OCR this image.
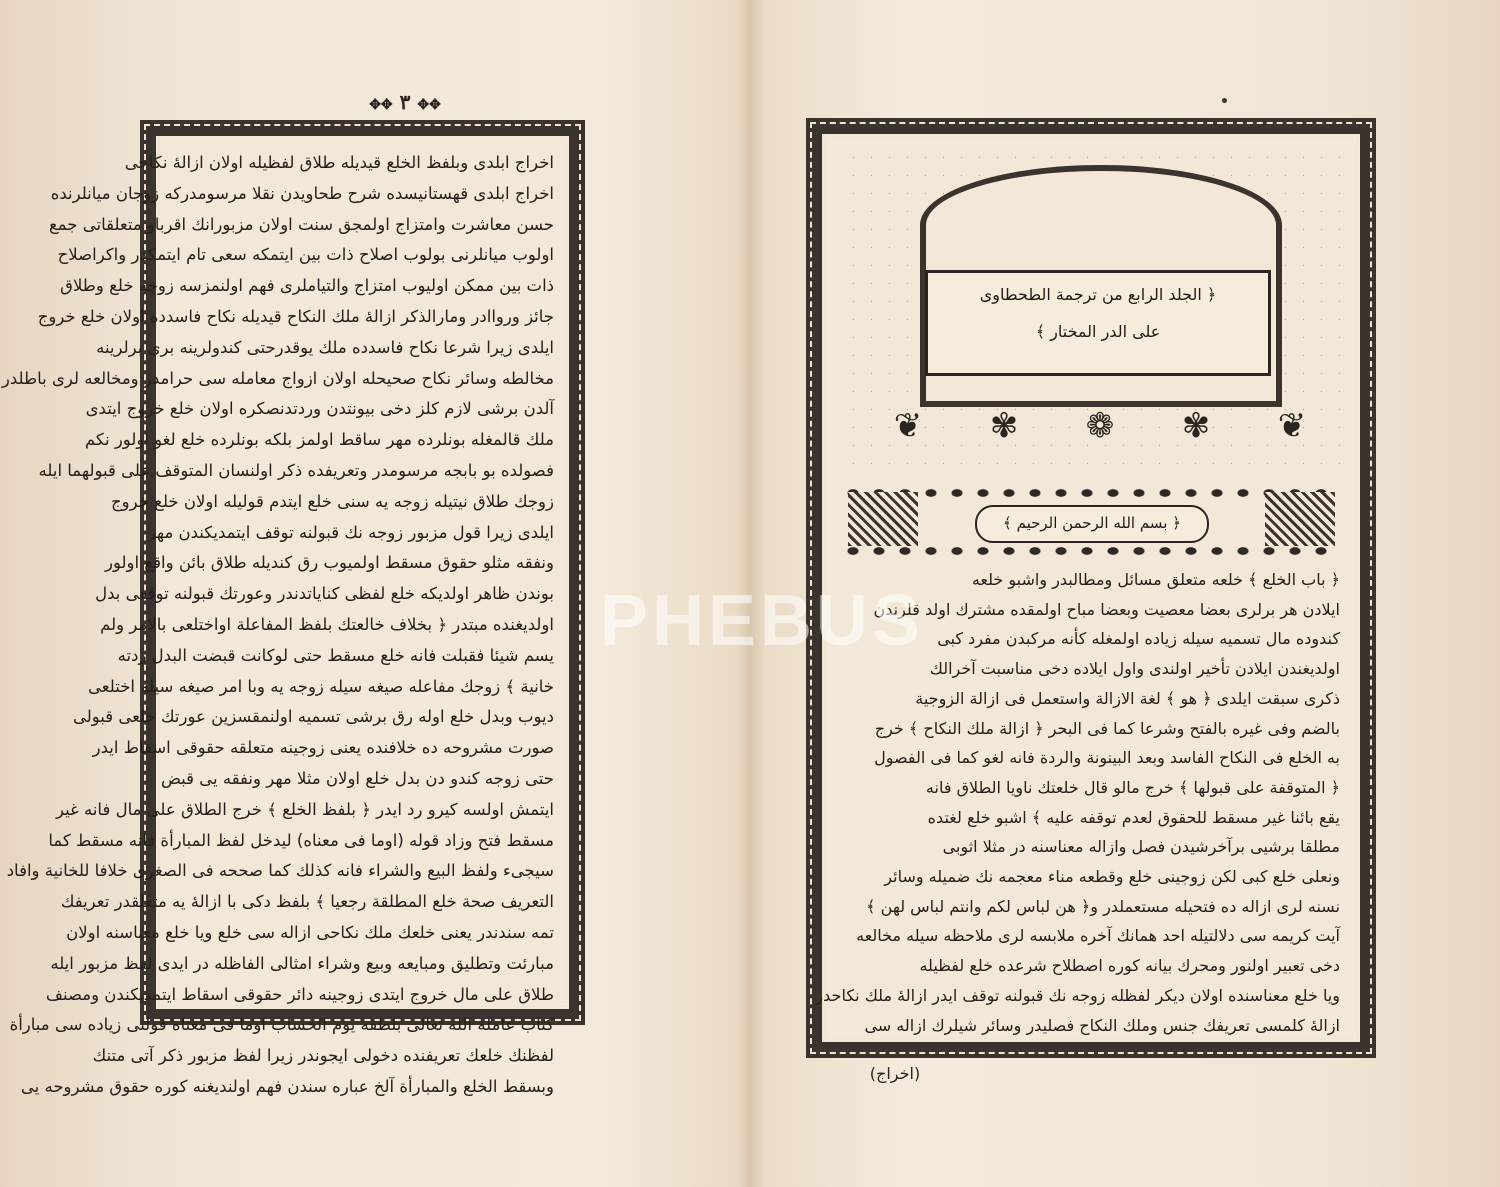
✥✥ ٣ ✥✥
اخراج ابلدی وبلفظ الخلع قیدیله طلاق لفظیله اولان ازالهٔ نکاحی
اخراج ابلدی قهستانیسده شرح طحاویدن نقلا مرسومدرکه زوجان میانلرنده
حسن معاشرت وامتزاج اولمجق سنت اولان مزبورانك اقرباو متعلقاتی جمع
اولوب میانلرنی بولوب اصلاح ذات بین ایتمکه سعی تام ایتمکدر واکراصلاح
ذات بین ممکن اولیوب امتزاج والتیاملری فهم اولنمزسه زوجه خلع وطلاق
جائز ورواادر ومارالذکر ازالهٔ ملك النکاح قیدیله نکاح فاسدده اولان خلع خروج
ایلدی زیرا شرعا نکاح فاسدده ملك یوقدرحتی کندولرینه بری برلرینه
مخالطه وسائر نکاح صحیحله اولان ازواج معامله سی حرامدر ومخالعه لری باطلدر
آلدن برشی لازم کلز دخی بیونتدن وردتدنصکره اولان خلع خروج ایتدی
ملك قالمغله بونلرده مهر ساقط اولمز بلکه بونلرده خلع لغو اولور نکم
فصولده بو بابجه مرسومدر وتعریفده ذکر اولنسان المتوقف علی قبولهما ایله
زوجك طلاق نیتیله زوجه یه سنی خلع ایتدم قولیله اولان خلع خروج
ایلدی زیرا قول مزبور زوجه نك قبولنه توقف ایتمدیکندن مهر
ونفقه مثلو حقوق مسقط اولمیوب رق کندیله طلاق بائن واقع اولور
بوندن ظاهر اولدیکه خلع لفظی کنایاتدندر وعورتك قبولنه توقفی بدل
اولدیغنده مبتدر ﴿ بخلاف خالعتك بلفظ المفاعلة اواختلعی بالامر ولم
یسم شیئا فقبلت فانه خلع مسقط حتی لوکانت قبضت البدل ردته
خانیة ﴾ زوجك مفاعله صیغه سیله زوجه یه وبا امر صیغه سیله اختلعی
دیوب وبدل خلع اوله رق برشی تسمیه اولنمقسزین عورتك خلعی قبولی
صورت مشروحه ده خلافنده یعنی زوجینه متعلقه حقوقی اسقاط ایدر
حتی زوجه کندو دن بدل خلع اولان مثلا مهر ونفقه یی قبض
ایتمش اولسه کیرو رد ایدر ﴿ بلفظ الخلع ﴾ خرج الطلاق علی مال فانه غیر
مسقط فتح وزاد قوله (اوما فی معناه) لیدخل لفظ المبارأة فانه مسقط کما
سیجیء ولفظ البیع والشراء فانه کذلك کما صححه فی الصغری خلافا للخانیة وافاد
التعریف صحة خلع المطلقة رجعیا ﴾ بلفظ دکی با ازالهٔ یه متعلقدر تعریفك
تمه سندندر یعنی خلعك ملك نکاحی ازاله سی خلع ویا خلع معناسنه اولان
مبارئت وتطلیق ومبایعه وبیع وشراء امثالی الفاظله در ایدی لفظ مزبور ایله
طلاق علی مال خروج ایتدی زوجینه دائر حقوقی اسقاط ایتمدیکندن ومصنف
کتاب عاملة الله تعالی بلطفه یوم الحساب اوما فی معناه قولنی زیاده سی مبارأة
لفظنك خلعك تعریفنده دخولی ایجوندر زیرا لفظ مزبور ذکر آتی متنك
وبسقط الخلع والمبارأة آلخ عباره سندن فهم اولندیغنه کوره حقوق مشروحه یی
﴿ الجلد الرابع من ترجمة الطحطاوی
علی الدر المختار ﴾
❦ ✾ ❁ ✾ ❦
﴿ بسم الله الرحمن الرحیم ﴾
﴿ باب الخلع ﴾ خلعه متعلق مسائل ومطالبدر واشبو خلعه
ایلادن هر برلری بعضا معصیت وبعضا مباح اولمقده مشترك اولد قلرندن
کندوده مال تسمیه سیله زیاده اولمغله کأنه مرکبدن مفرد کبی
اولدیغندن ایلادن تأخیر اولندی واول ایلاده دخی مناسبت آخرالك
ذکری سبقت ایلدی ﴿ هو ﴾ لغة الازالة واستعمل فی ازالة الزوجیة
بالضم وفی غیره بالفتح وشرعا کما فی البحر ﴿ ازالة ملك النکاح ﴾ خرج
به الخلع فی النکاح الفاسد وبعد البینونة والردة فانه لغو کما فی الفصول
﴿ المتوقفة علی قبولها ﴾ خرج مالو قال خلعتك ناویا الطلاق فانه
یقع بائنا غیر مسقط للحقوق لعدم توقفه علیه ﴾ اشبو خلع لغتده
مطلقا برشیی برآخرشیدن فصل وازاله معناسنه در مثلا اثوبی
ونعلی خلع کبی لکن زوجینی خلع وقطعه مناء معجمه نك ضمیله وسائر
نسنه لری ازاله ده فتحیله مستعملدر و﴿ هن لباس لکم وانتم لباس لهن ﴾
آیت کریمه سی دلالتیله احد همانك آخره ملابسه لری ملاحظه سیله مخالعه
دخی تعبیر اولنور ومحرك بیانه کوره اصطلاح شرعده خلع لفظیله
ویا خلع معناسنده اولان دیکر لفظله زوجه نك قبولنه توقف ایدر ازالهٔ ملك نکاحدر
ازالهٔ کلمسی تعریفك جنس وملك النکاح فصلیدر وسائر شیلرك ازاله سی
(اخراج)
PHEBUS
